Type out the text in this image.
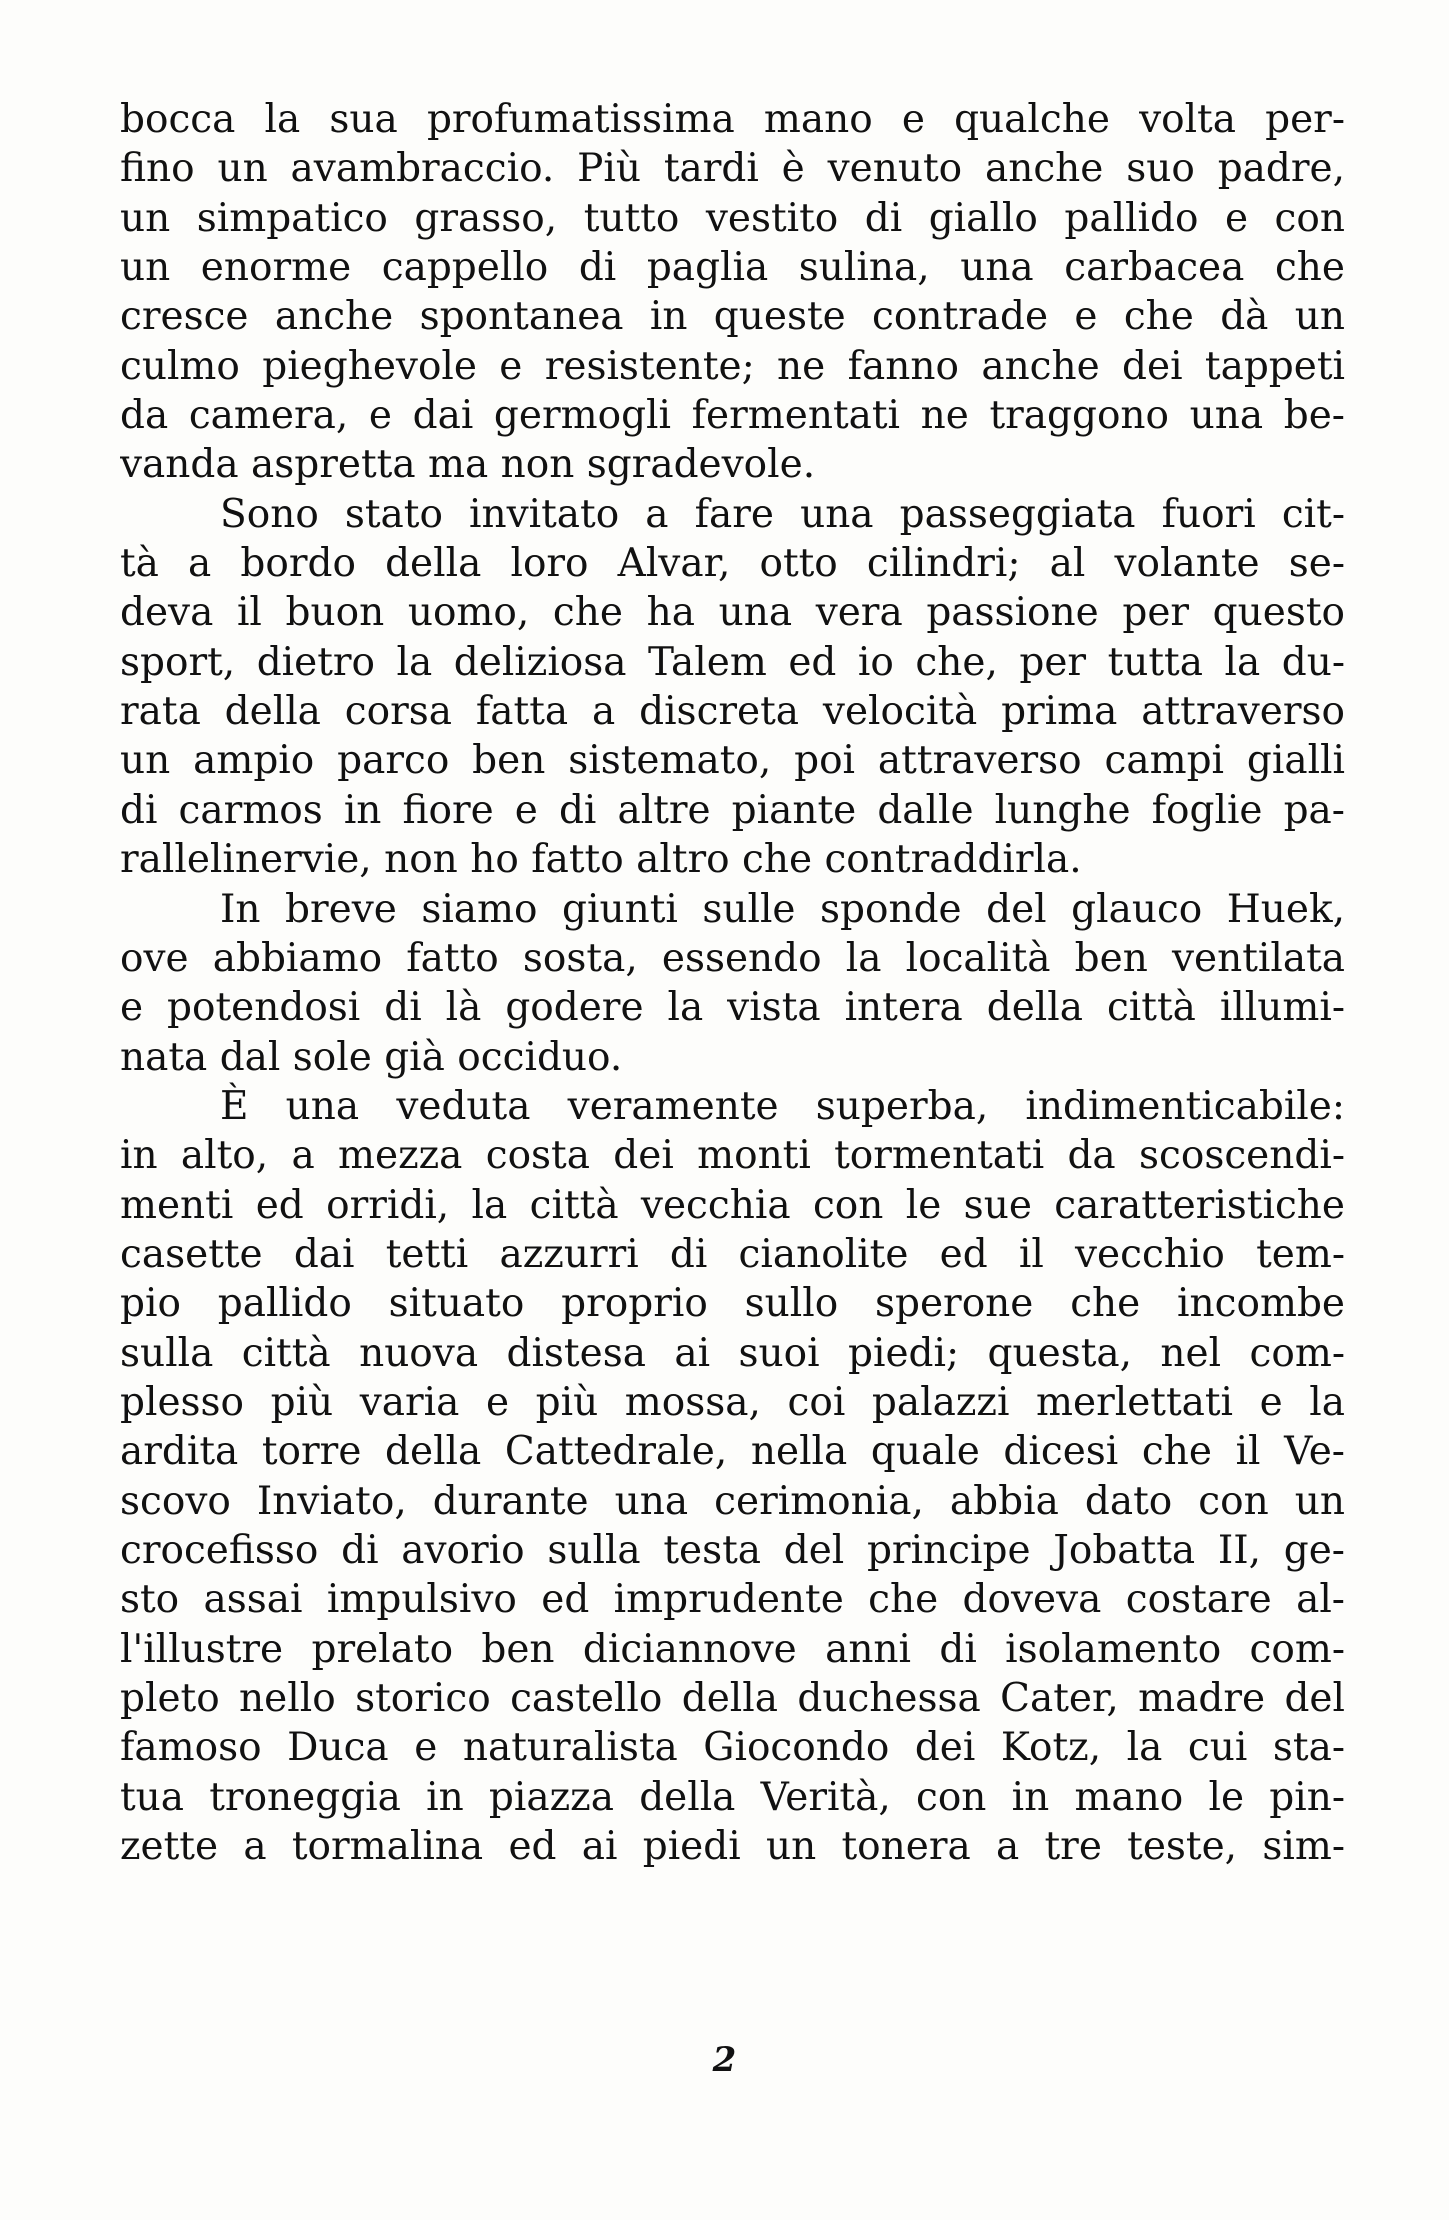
bocca la sua profumatissima mano e qualche volta per-
fino un avambraccio. Più tardi è venuto anche suo padre,
un simpatico grasso, tutto vestito di giallo pallido e con
un enorme cappello di paglia sulina, una carbacea che
cresce anche spontanea in queste contrade e che dà un
culmo pieghevole e resistente; ne fanno anche dei tappeti
da camera, e dai germogli fermentati ne traggono una be-
vanda aspretta ma non sgradevole.
Sono stato invitato a fare una passeggiata fuori cit-
tà a bordo della loro Alvar, otto cilindri; al volante se-
deva il buon uomo, che ha una vera passione per questo
sport, dietro la deliziosa Talem ed io che, per tutta la du-
rata della corsa fatta a discreta velocità prima attraverso
un ampio parco ben sistemato, poi attraverso campi gialli
di carmos in fiore e di altre piante dalle lunghe foglie pa-
rallelinervie, non ho fatto altro che contraddirla.
In breve siamo giunti sulle sponde del glauco Huek,
ove abbiamo fatto sosta, essendo la località ben ventilata
e potendosi di là godere la vista intera della città illumi-
nata dal sole già occiduo.
È una veduta veramente superba, indimenticabile:
in alto, a mezza costa dei monti tormentati da scoscendi-
menti ed orridi, la città vecchia con le sue caratteristiche
casette dai tetti azzurri di cianolite ed il vecchio tem-
pio pallido situato proprio sullo sperone che incombe
sulla città nuova distesa ai suoi piedi; questa, nel com-
plesso più varia e più mossa, coi palazzi merlettati e la
ardita torre della Cattedrale, nella quale dicesi che il Ve-
scovo Inviato, durante una cerimonia, abbia dato con un
crocefisso di avorio sulla testa del principe Jobatta II, ge-
sto assai impulsivo ed imprudente che doveva costare al-
l'illustre prelato ben diciannove anni di isolamento com-
pleto nello storico castello della duchessa Cater, madre del
famoso Duca e naturalista Giocondo dei Kotz, la cui sta-
tua troneggia in piazza della Verità, con in mano le pin-
zette a tormalina ed ai piedi un tonera a tre teste, sim-
2
